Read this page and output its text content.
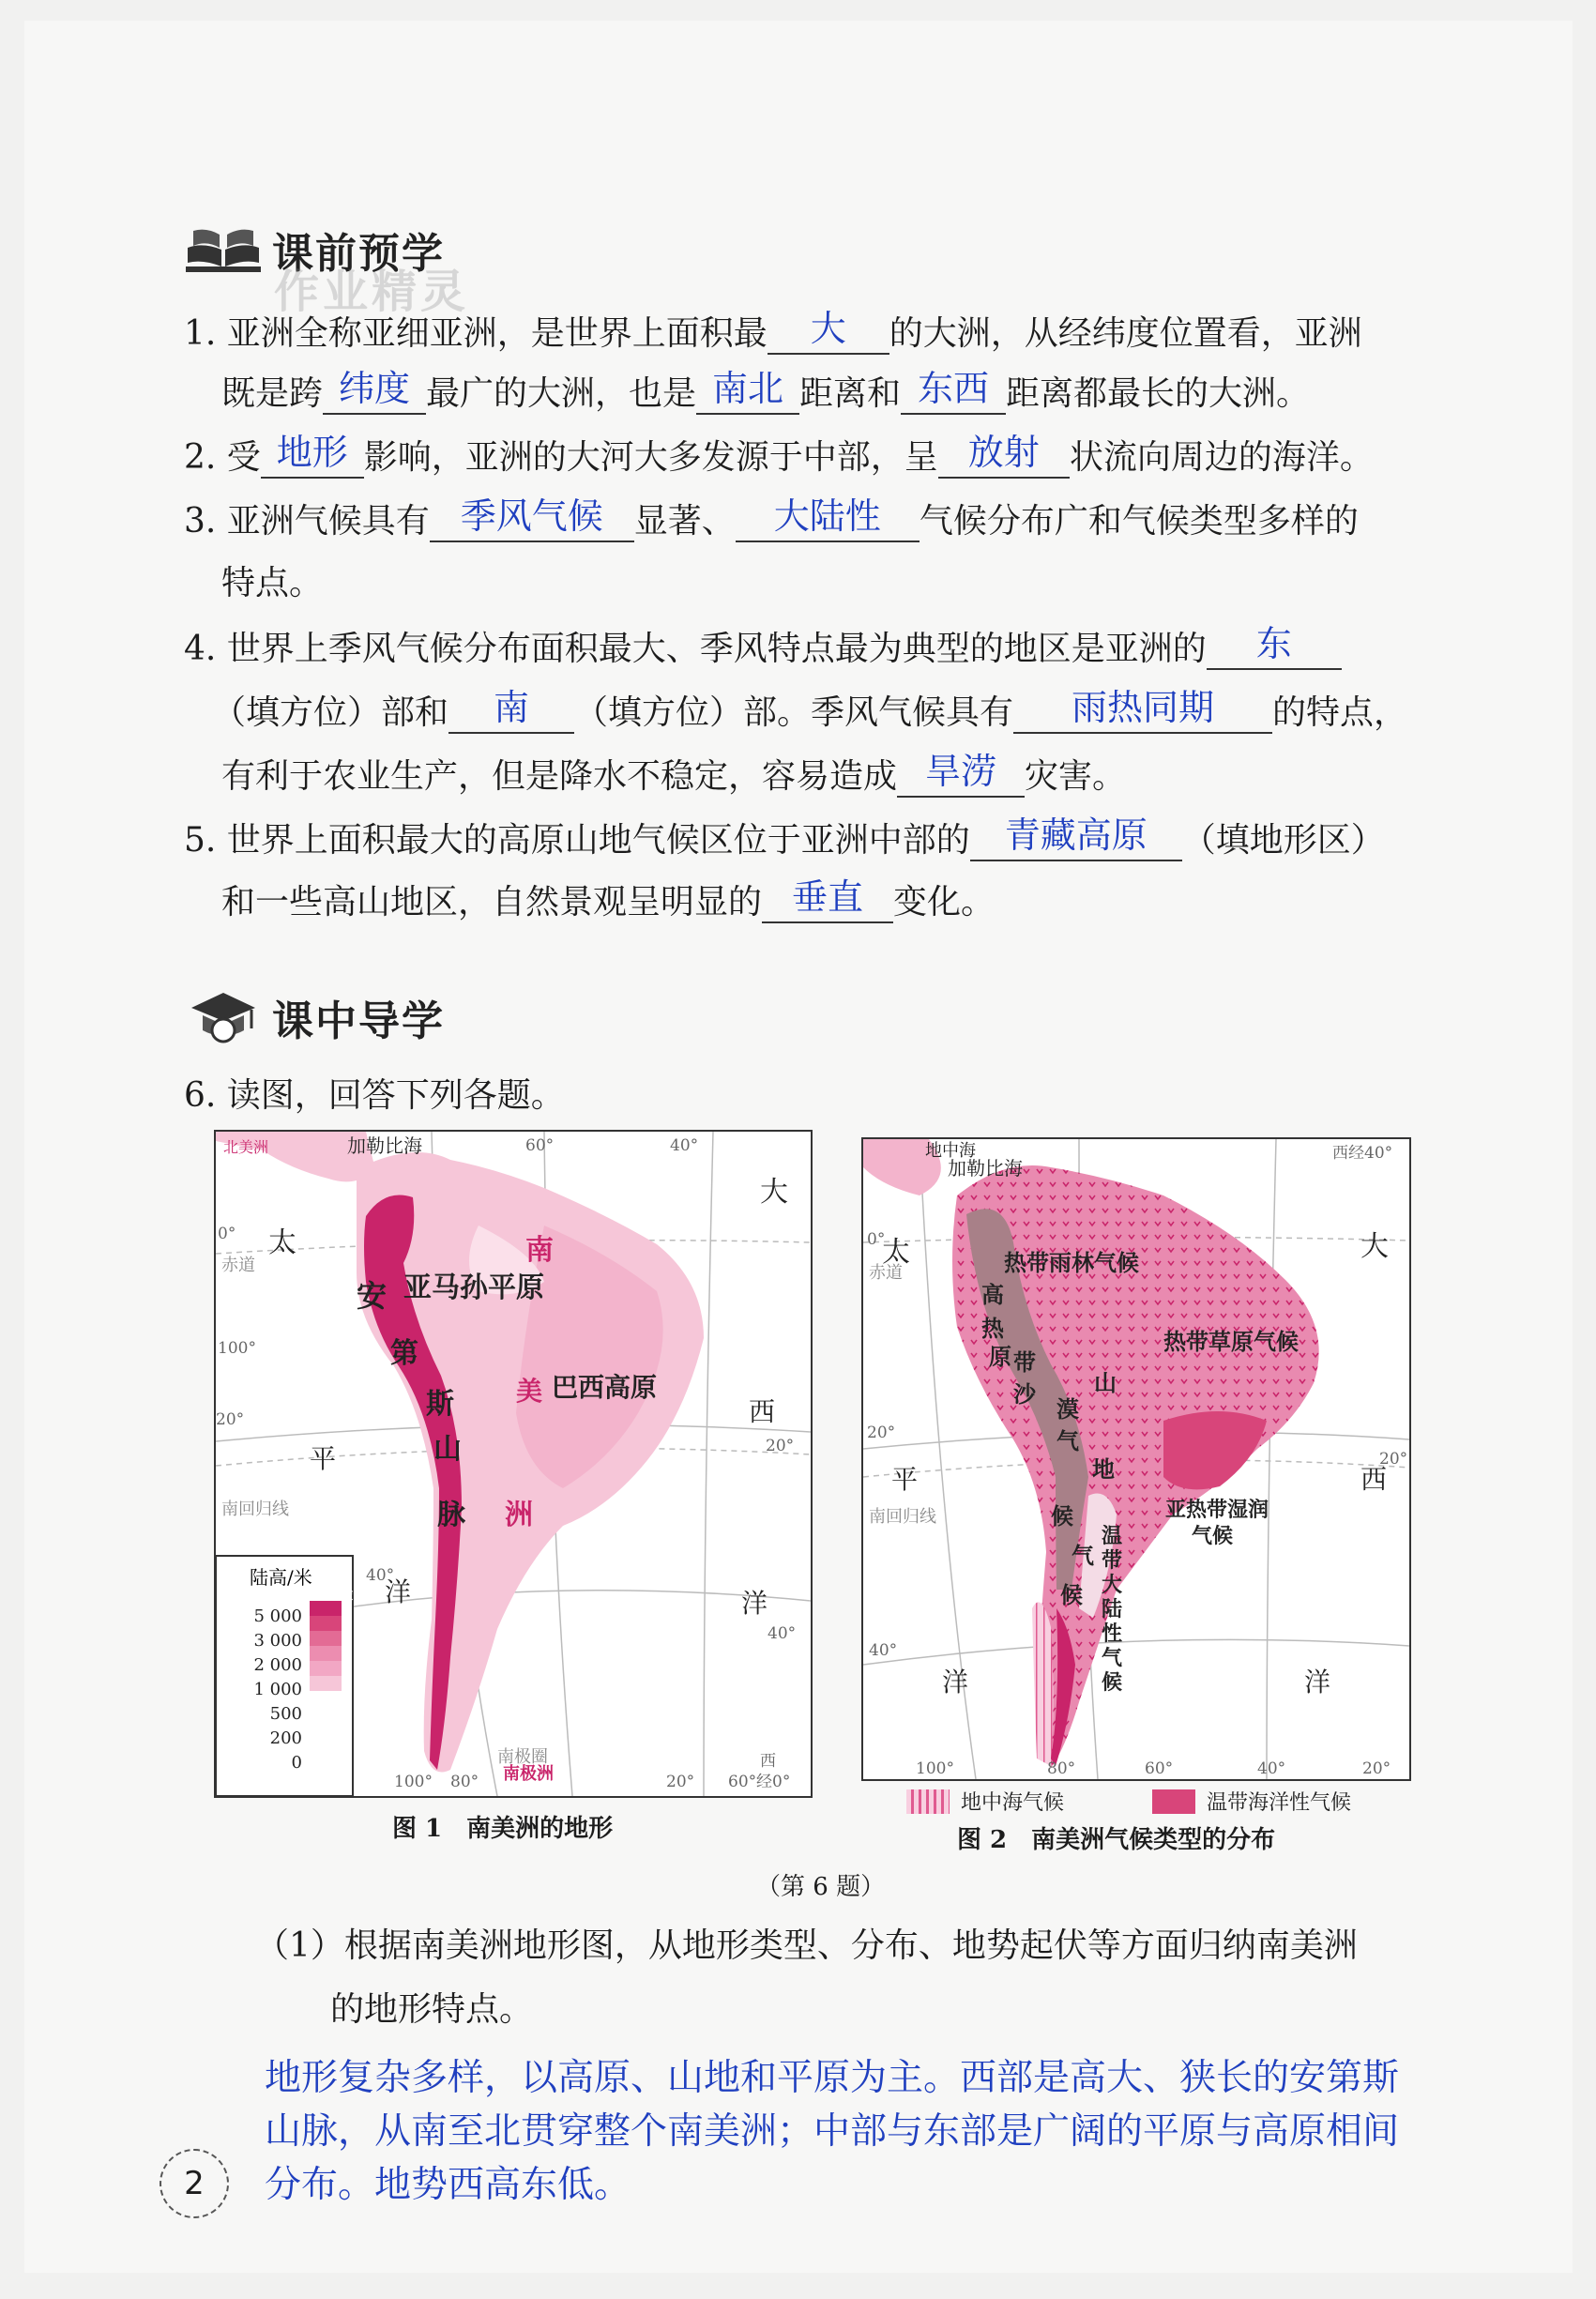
课前预学
作业精灵
1. 亚洲全称亚细亚洲，是世界上面积最	大	的大洲，从经纬度位置看，亚洲
既是跨 纬度 最广的大洲，也是 南北 距离和 东西 距离都最长的大洲。
2. 受 地形 影响，亚洲的大河大多发源于中部，呈 放射 状流向周边的海洋。
3. 亚洲气候具有 季风气候 显著、	大陆性	气候分布广和气候类型多样的
特点。
4. 世界上季风气候分布面积最大、季风特点最为典型的地区是亚洲的	东
（填方位）部和	南	（填方位）部。季风气候具有	雨热同期	的特点，
有利于农业生产，但是降水不稳定，容易造成 旱涝 灾害。
5. 世界上面积最大的高原山地气候区位于亚洲中部的 青藏高原	（填地形区）
和一些高山地区，自然景观呈明显的 垂直 变化。
课中导学
6. 读图，回答下列各题。
陆高/米
雪被
5 000
3 000
2 000
1 000
500
200
0
北美洲	加勒比海
太
平
洋
大
西
洋
赤道
南回归线
安
第
斯
山
脉
亚马孙平原
巴西高原
南
美
洲
南极圈
南极洲
60°	40°
0°
100°
20°
20°
40°
40°
100° 80°	20° 60°
西
经0°
图 1　南美洲的地形
地中海
加勒比海
太
平
洋
大
西
洋
赤道
南回归线
热带雨林气候
热带草原气候
高
热
带
原
沙
漠
山
气
地
候
气
候
温
带
大
陆
性
气
候
亚热带湿润
气候
西经40°
0°
20°
20°
40°
100°	80°	60°	40°	20°
地中海气候	温带海洋性气候
图 2　南美洲气候类型的分布
（第 6 题）
（1）根据南美洲地形图，从地形类型、分布、地势起伏等方面归纳南美洲
的地形特点。
地形复杂多样，以高原、山地和平原为主。西部是高大、狭长的安第斯
山脉，从南至北贯穿整个南美洲；中部与东部是广阔的平原与高原相间
分布。地势西高东低。
2
